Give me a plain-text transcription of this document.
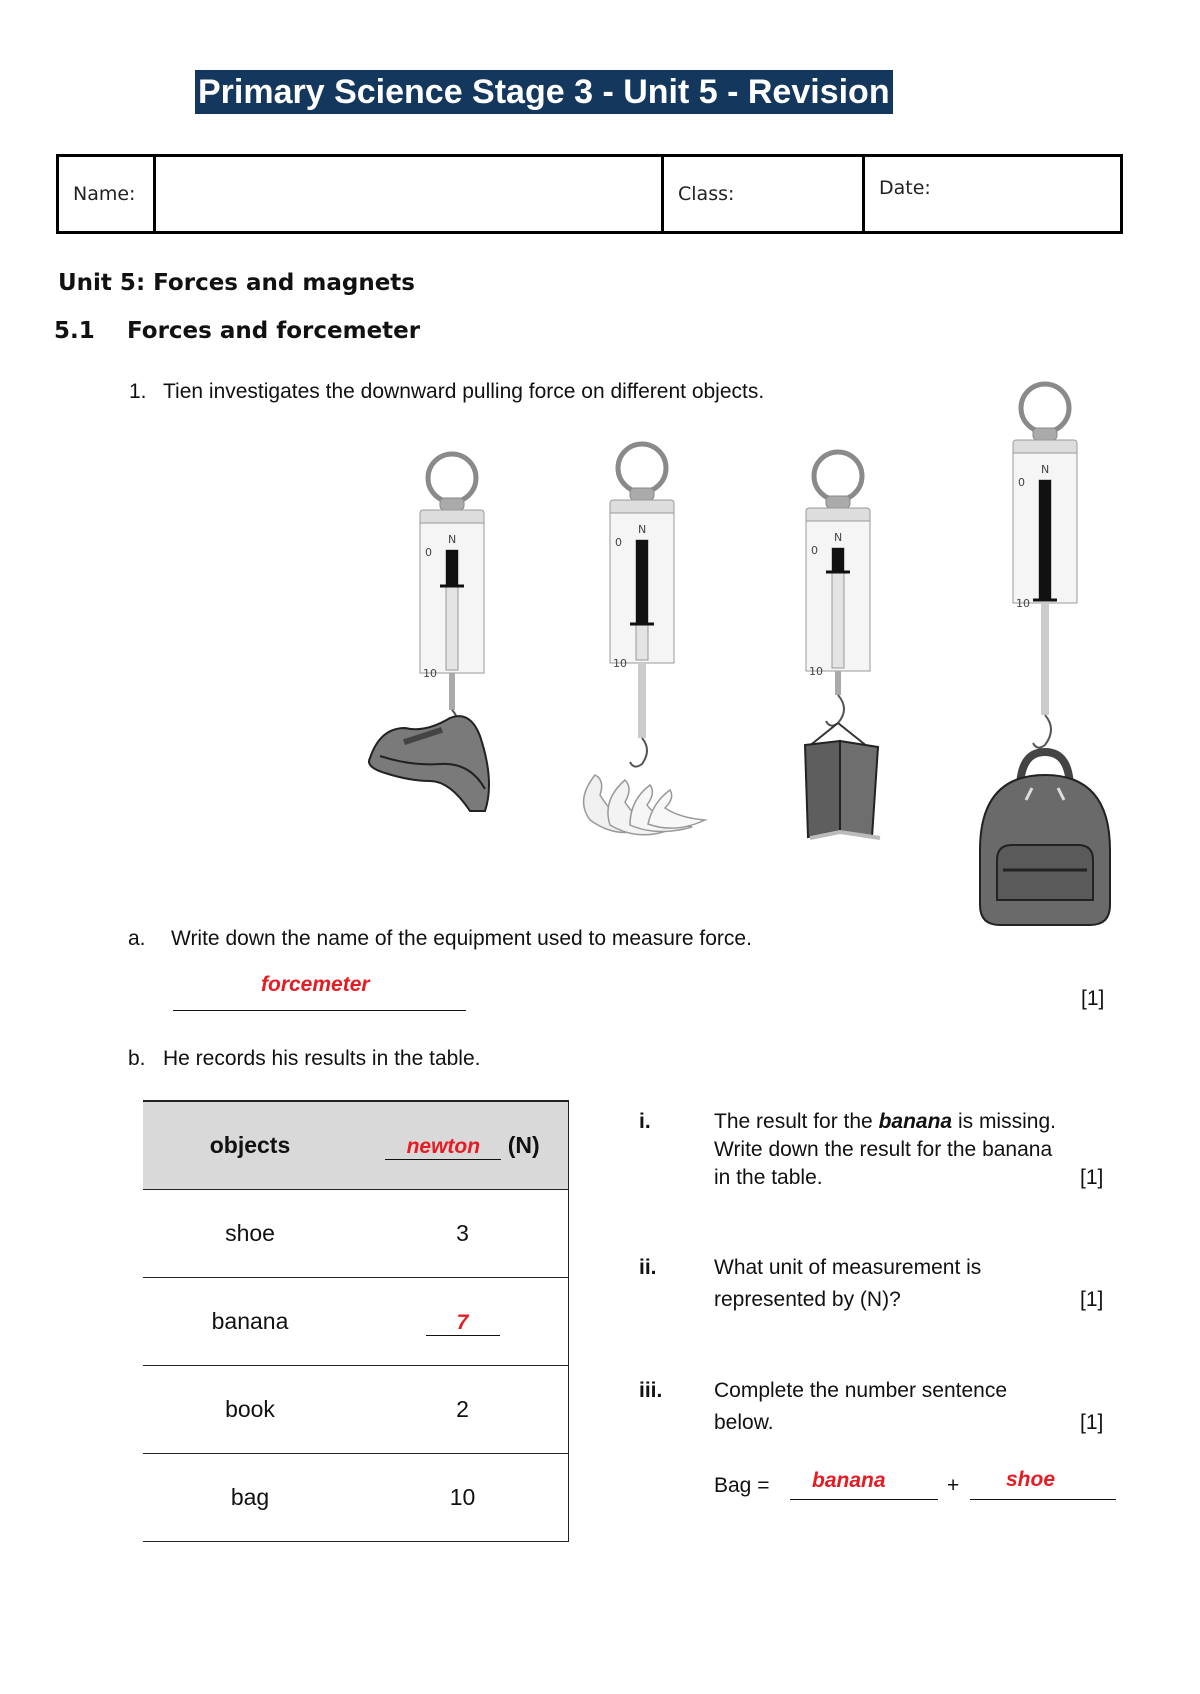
Primary Science Stage 3 - Unit 5 - Revision
Name:	Class:	Date:
Unit 5: Forces and magnets
5.1 Forces and forcemeter
1. Tien investigates the downward pulling force on different objects.
N
0
10
N
0
10
N
0
10
N
0
10
a. Write down the name of the equipment used to measure force.
forcemeter
[1]
b. He records his results in the table.
objects	newton (N)
shoe	3
banana	7
book	2
bag	10
i.	The result for the banana is missing.
Write down the result for the banana
in the table.	[1]
ii.	What unit of measurement is
represented by (N)?	[1]
iii. Complete the number sentence
below.	[1]
Bag = banana	+ shoe
